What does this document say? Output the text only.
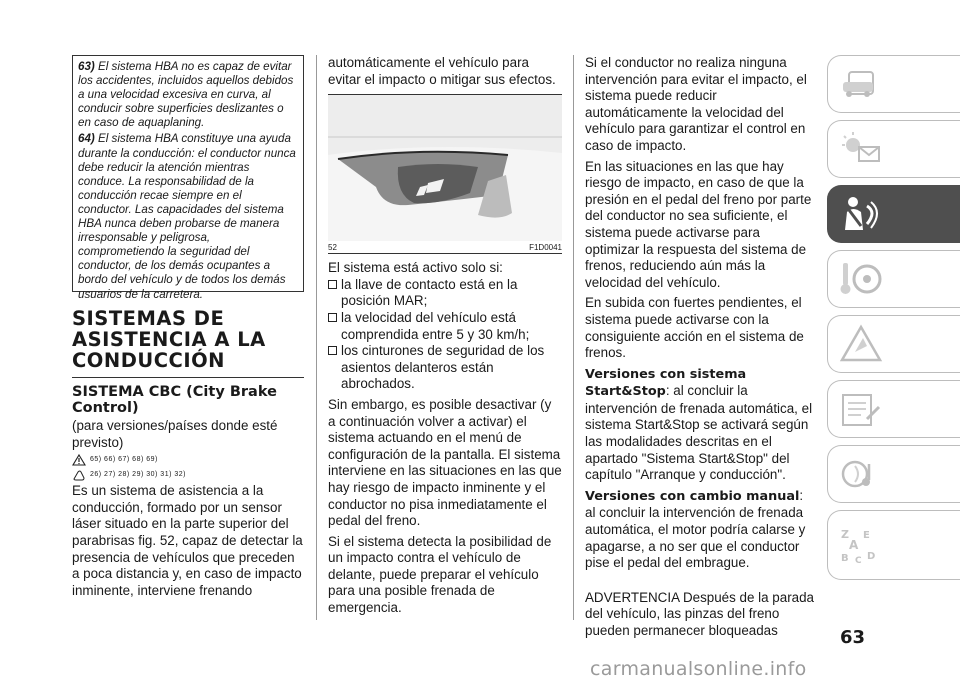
63) El sistema HBA no es capaz de evitar los accidentes, incluidos aquellos debidos a una velocidad excesiva en curva, al conducir sobre superficies deslizantes o en caso de aquaplaning.

64) El sistema HBA constituye una ayuda durante la conducción: el conductor nunca debe reducir la atención mientras conduce. La responsabilidad de la conducción recae siempre en el conductor. Las capacidades del sistema HBA nunca deben probarse de manera irresponsable y peligrosa, comprometiendo la seguridad del conductor, de los demás ocupantes a bordo del vehículo y de todos los demás usuarios de la carretera.

SISTEMAS DE ASISTENCIA A LA CONDUCCIÓN
SISTEMA CBC (City Brake Control)

(para versiones/países donde esté previsto)

65) 66) 67) 68) 69)
26) 27) 28) 29) 30) 31) 32)

Es un sistema de asistencia a la conducción, formado por un sensor láser situado en la parte superior del parabrisas fig. 52, capaz de detectar la presencia de vehículos que preceden a poca distancia y, en caso de impacto inminente, interviene frenando

automáticamente el vehículo para evitar el impacto o mitigar sus efectos.

52	F1D0041

El sistema está activo solo si:

la llave de contacto está en la posición MAR;
la velocidad del vehículo está comprendida entre 5 y 30 km/h;
los cinturones de seguridad de los asientos delanteros están abrochados.

Sin embargo, es posible desactivar (y a continuación volver a activar) el sistema actuando en el menú de configuración de la pantalla. El sistema interviene en las situaciones en las que hay riesgo de impacto inminente y el conductor no pisa inmediatamente el pedal del freno.

Si el sistema detecta la posibilidad de un impacto contra el vehículo de delante, puede preparar el vehículo para una posible frenada de emergencia.

Si el conductor no realiza ninguna intervención para evitar el impacto, el sistema puede reducir automáticamente la velocidad del vehículo para garantizar el control en caso de impacto.

En las situaciones en las que hay riesgo de impacto, en caso de que la presión en el pedal del freno por parte del conductor no sea suficiente, el sistema puede activarse para optimizar la respuesta del sistema de frenos, reduciendo aún más la velocidad del vehículo.

En subida con fuertes pendientes, el sistema puede activarse con la consiguiente acción en el sistema de frenos.

Versiones con sistema Start&Stop: al concluir la intervención de frenada automática, el sistema Start&Stop se activará según las modalidades descritas en el apartado "Sistema Start&Stop" del capítulo "Arranque y conducción".

Versiones con cambio manual: al concluir la intervención de frenada automática, el motor podría calarse y apagarse, a no ser que el conductor pise el pedal del embrague.

ADVERTENCIA Después de la parada del vehículo, las pinzas del freno pueden permanecer bloqueadas

Z E
A
B C D
63
carmanualsonline.info
